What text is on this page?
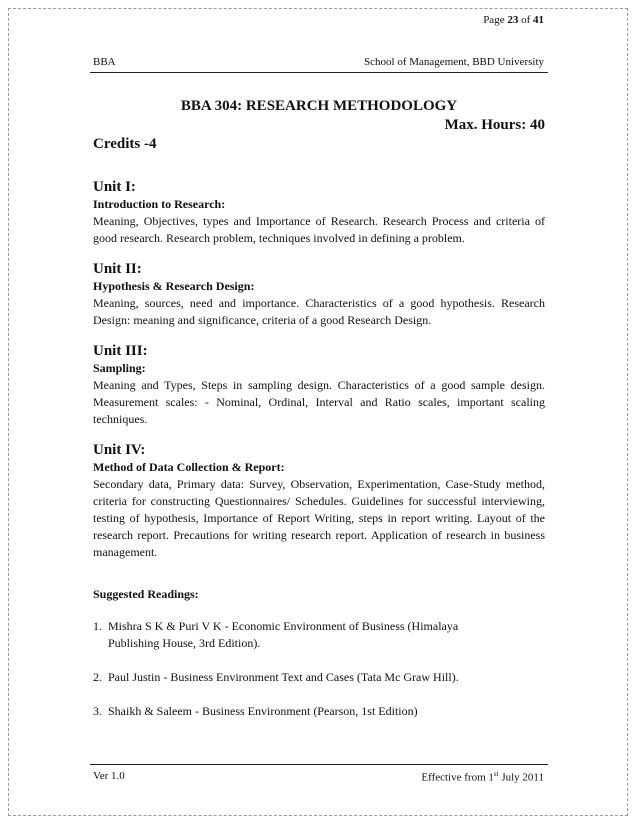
Page 23 of 41
BBA	School of Management, BBD University

BBA 304: RESEARCH METHODOLOGY

Max. Hours: 40

Credits -4

Unit I:

Introduction to Research:

Meaning, Objectives, types and Importance of Research. Research Process and criteria of good research. Research problem, techniques involved in defining a problem.

Unit II:

Hypothesis & Research Design:

Meaning, sources, need and importance. Characteristics of a good hypothesis. Research Design: meaning and significance, criteria of a good Research Design.

Unit III:

Sampling:

Meaning and Types, Steps in sampling design. Characteristics of a good sample design. Measurement scales: - Nominal, Ordinal, Interval and Ratio scales, important scaling techniques.

Unit IV:

Method of Data Collection & Report:

Secondary data, Primary data: Survey, Observation, Experimentation, Case-Study method, criteria for constructing Questionnaires/ Schedules. Guidelines for successful interviewing, testing of hypothesis, Importance of Report Writing, steps in report writing. Layout of the research report. Precautions for writing research report. Application of research in business management.

Suggested Readings:

1. Mishra S K & Puri V K - Economic Environment of Business (Himalaya Publishing House, 3rd Edition).
2. Paul Justin - Business Environment Text and Cases (Tata Mc Graw Hill).
3. Shaikh & Saleem - Business Environment (Pearson, 1st Edition)
Ver 1.0	Effective from 1st July 2011
